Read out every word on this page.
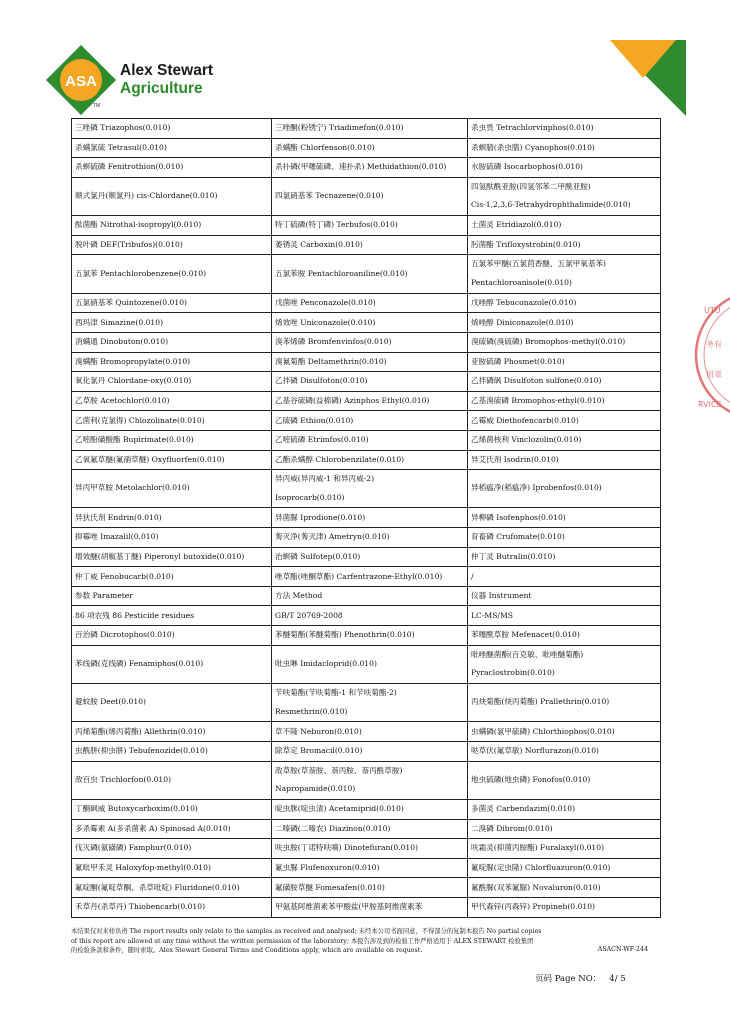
ASA
Alex Stewart
Agriculture
TM
UTU
务有
用章
RVICE
三唑磷 Triazophos(0.010)	三唑酮(粉锈宁) Triadimefon(0.010)	杀虫畏 Tetrachlorvinphos(0.010)
杀螨氯硫 Tetrasul(0.010)	杀螨酯 Chlorfenson(0.010)	杀螟腈(杀虫腈) Cyanophos(0.010)
杀螟硫磷 Fenitrothion(0.010)	杀扑磷(甲噻硫磷、速扑杀) Methidathion(0.010)	水胺硫磷 Isocarbophos(0.010)

顺式氯丹(顺氯丹) cis-Chlordane(0.010)	四氯硝基苯 Tecnazene(0.010)	四氢酞酰亚胺(四氢邻苯二甲酰亚胺)
Cis-1,2,3,6-Tetrahydrophthalimide(0.010)

酞菌酯 Nitrothal-isopropyl(0.010)	特丁硫磷(特丁磷) Terbufos(0.010)	土菌灵 Etridiazol(0.010)
脱叶磷 DEF(Tribufos)(0.010)	萎锈灵 Carboxin(0.010)	肟菌酯 Trifloxystrobin(0.010)

五氯苯 Pentachlorobenzene(0.010)	五氯苯胺 Pentachloroaniline(0.010)	五氯苯甲醚(五氯茴香醚、五氯甲氧基苯)
Pentachloroanisole(0.010)

五氯硝基苯 Quintozene(0.010)	戊菌唑 Penconazole(0.010)	戊唑醇 Tebuconazole(0.010)
西玛津 Simazine(0.010)	烯效唑 Uniconazole(0.010)	烯唑醇 Diniconazole(0.010)
消螨通 Dinobuton(0.010)	溴苯烯磷 Bromfenvinfos(0.010)	溴硫磷(溴硫磷) Bromophos-methyl(0.010)
溴螨酯 Bromopropylate(0.010)	溴氰菊酯 Deltamethrin(0.010)	亚胺硫磷 Phosmet(0.010)
氧化氯丹 Chlordane-oxy(0.010)	乙拌磷 Disulfoton(0.010)	乙拌磷砜 Disulfoton sulfone(0.010)
乙草胺 Acetochlor(0.010)	乙基谷硫磷(益棉磷) Azinphos Ethyl(0.010)	乙基溴硫磷 Bromophos-ethyl(0.010)
乙菌利(克氯得) Chlozolinate(0.010)	乙硫磷 Ethion(0.010)	乙霉威 Diethofencarb(0.010)
乙嘧酚磺酸酯 Bupirimate(0.010)	乙嘧硫磷 Etrimfos(0.010)	乙烯菌核利 Vinclozolin(0.010)
乙氧氟草醚(氟硝草醚) Oxyfluorfen(0.010)	乙酯杀螨醇 Chlorobenzilate(0.010)	异艾氏剂 Isodrin(0.010)

异丙甲草胺 Metolachlor(0.010)	异丙威(异丙威-1 和异丙威-2)
Isoprocarb(0.010)	异稻瘟净(稻瘟净) Iprobenfos(0.010)

异狄氏剂 Endrin(0.010)	异菌脲 Iprodione(0.010)	异柳磷 Isofenphos(0.010)
抑霉唑 Imazalil(0.010)	莠灭净(莠灭津) Ametryn(0.010)	育畜磷 Crufomate(0.010)
增效醚(胡椒基丁醚) Piperonyl butoxide(0.010)	治螟磷 Sulfotep(0.010)	仲丁灵 Butralin(0.010)
仲丁威 Fenobucarb(0.010)	唑草酯(唑酮草酯) Carfentrazone-Ethyl(0.010)	/
参数 Parameter	方法 Method	仪器 Instrument
86 项农残 86 Pesticide residues	GB/T 20769-2008	LC-MS/MS
百治磷 Dicrotophos(0.010)	苯醚菊酯(苯醚菊酯) Phenothrin(0.010)	苯噻酰草胺 Mefenacet(0.010)

苯线磷(克线磷) Fenamiphos(0.010)	吡虫啉 Imidacloprid(0.010)	吡唑醚菌酯(百克敏、吡唑醚菊酯)
Pyraclostrobin(0.010)

避蚊胺 Deet(0.010)	苄呋菊酯(苄呋菊酯-1 和苄呋菊酯-2)
Resmethrin(0.010)	丙炔菊酯(炔丙菊酯) Prallethrin(0.010)

丙烯菊酯(烯丙菊酯) Allethrin(0.010)	草不隆 Neburon(0.010)	虫螨磷(氯甲硫磷) Chlorthiophos(0.010)
虫酰肼(抑虫肼) Tebufenozide(0.010)	除草定 Bromacil(0.010)	哒草伏(氟草敏) Norflurazon(0.010)

敌百虫 Trichlorfon(0.010)	敌草胺(草萘胺、萘丙胺、萘丙酰草胺)
Napropamide(0.010)	地虫硫磷(地虫磷) Fonofos(0.010)

丁酮砜威 Butoxycarboxim(0.010)	啶虫脒(啶虫清) Acetamiprid(0.010)	多菌灵 Carbendazim(0.010)
多杀霉素 A(多杀菌素 A) Spinosad A(0.010)	二嗪磷(二嗪农) Diazinon(0.010)	二溴磷 Dibrom(0.010)
伐灭磷(氨磺磷) Famphur(0.010)	呋虫胺(丁诺特呋喃) Dinotefuran(0.010)	呋霜灵(抑菌丙胺酯) Furalaxyl(0.010)
氟吡甲禾灵 Haloxyfop-methyl(0.010)	氟虫脲 Flufenoxuron(0.010)	氟啶脲(定虫隆) Chlorfluazuron(0.010)
氟啶酮(氟啶草酮、杀草吡啶) Fluridone(0.010)	氟磺胺草醚 Fomesafen(0.010)	氟酰脲(双苯氟脲) Novaluron(0.010)
禾草丹(杀草丹) Thiobencarb(0.010)	甲氨基阿维菌素苯甲酸盐(甲胺基阿维菌素苯	甲代森锌(丙森锌) Propineb(0.010)
本结果仅对来样负责 The report results only relate to the samples as received and analysed; 未经本公司书面同意，不得部分的复制本报告 No partial copies
of this report are allowed at any time without the written permission of the laboratory; 本报告涉及到的检验工作严格适用于 ALEX STEWART 检验集团
的检验条款和条件，随时索取。Alex Stewart General Terms and Conditions apply, which are available on request.	ASACN-WF-244
页码 Page NO： 4/ 5
